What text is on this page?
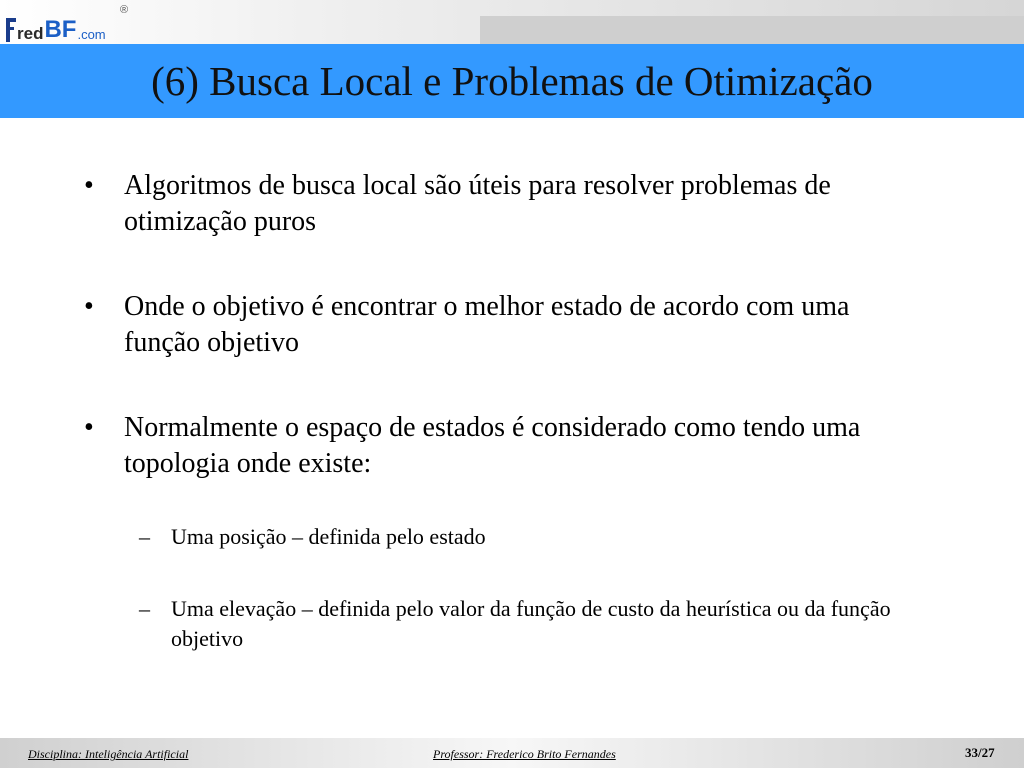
red BF .com
®
(6) Busca Local e Problemas de Otimização
•	Algoritmos de busca local são úteis para resolver problemas de otimização puros
•	Onde o objetivo é encontrar o melhor estado de acordo com uma função objetivo
•	Normalmente o espaço de estados é considerado como tendo uma topologia onde existe:
– Uma posição – definida pelo estado
– Uma elevação – definida pelo valor da função de custo da heurística ou da função objetivo
Disciplina: Inteligência Artificial	Professor: Frederico Brito Fernandes	33/27
